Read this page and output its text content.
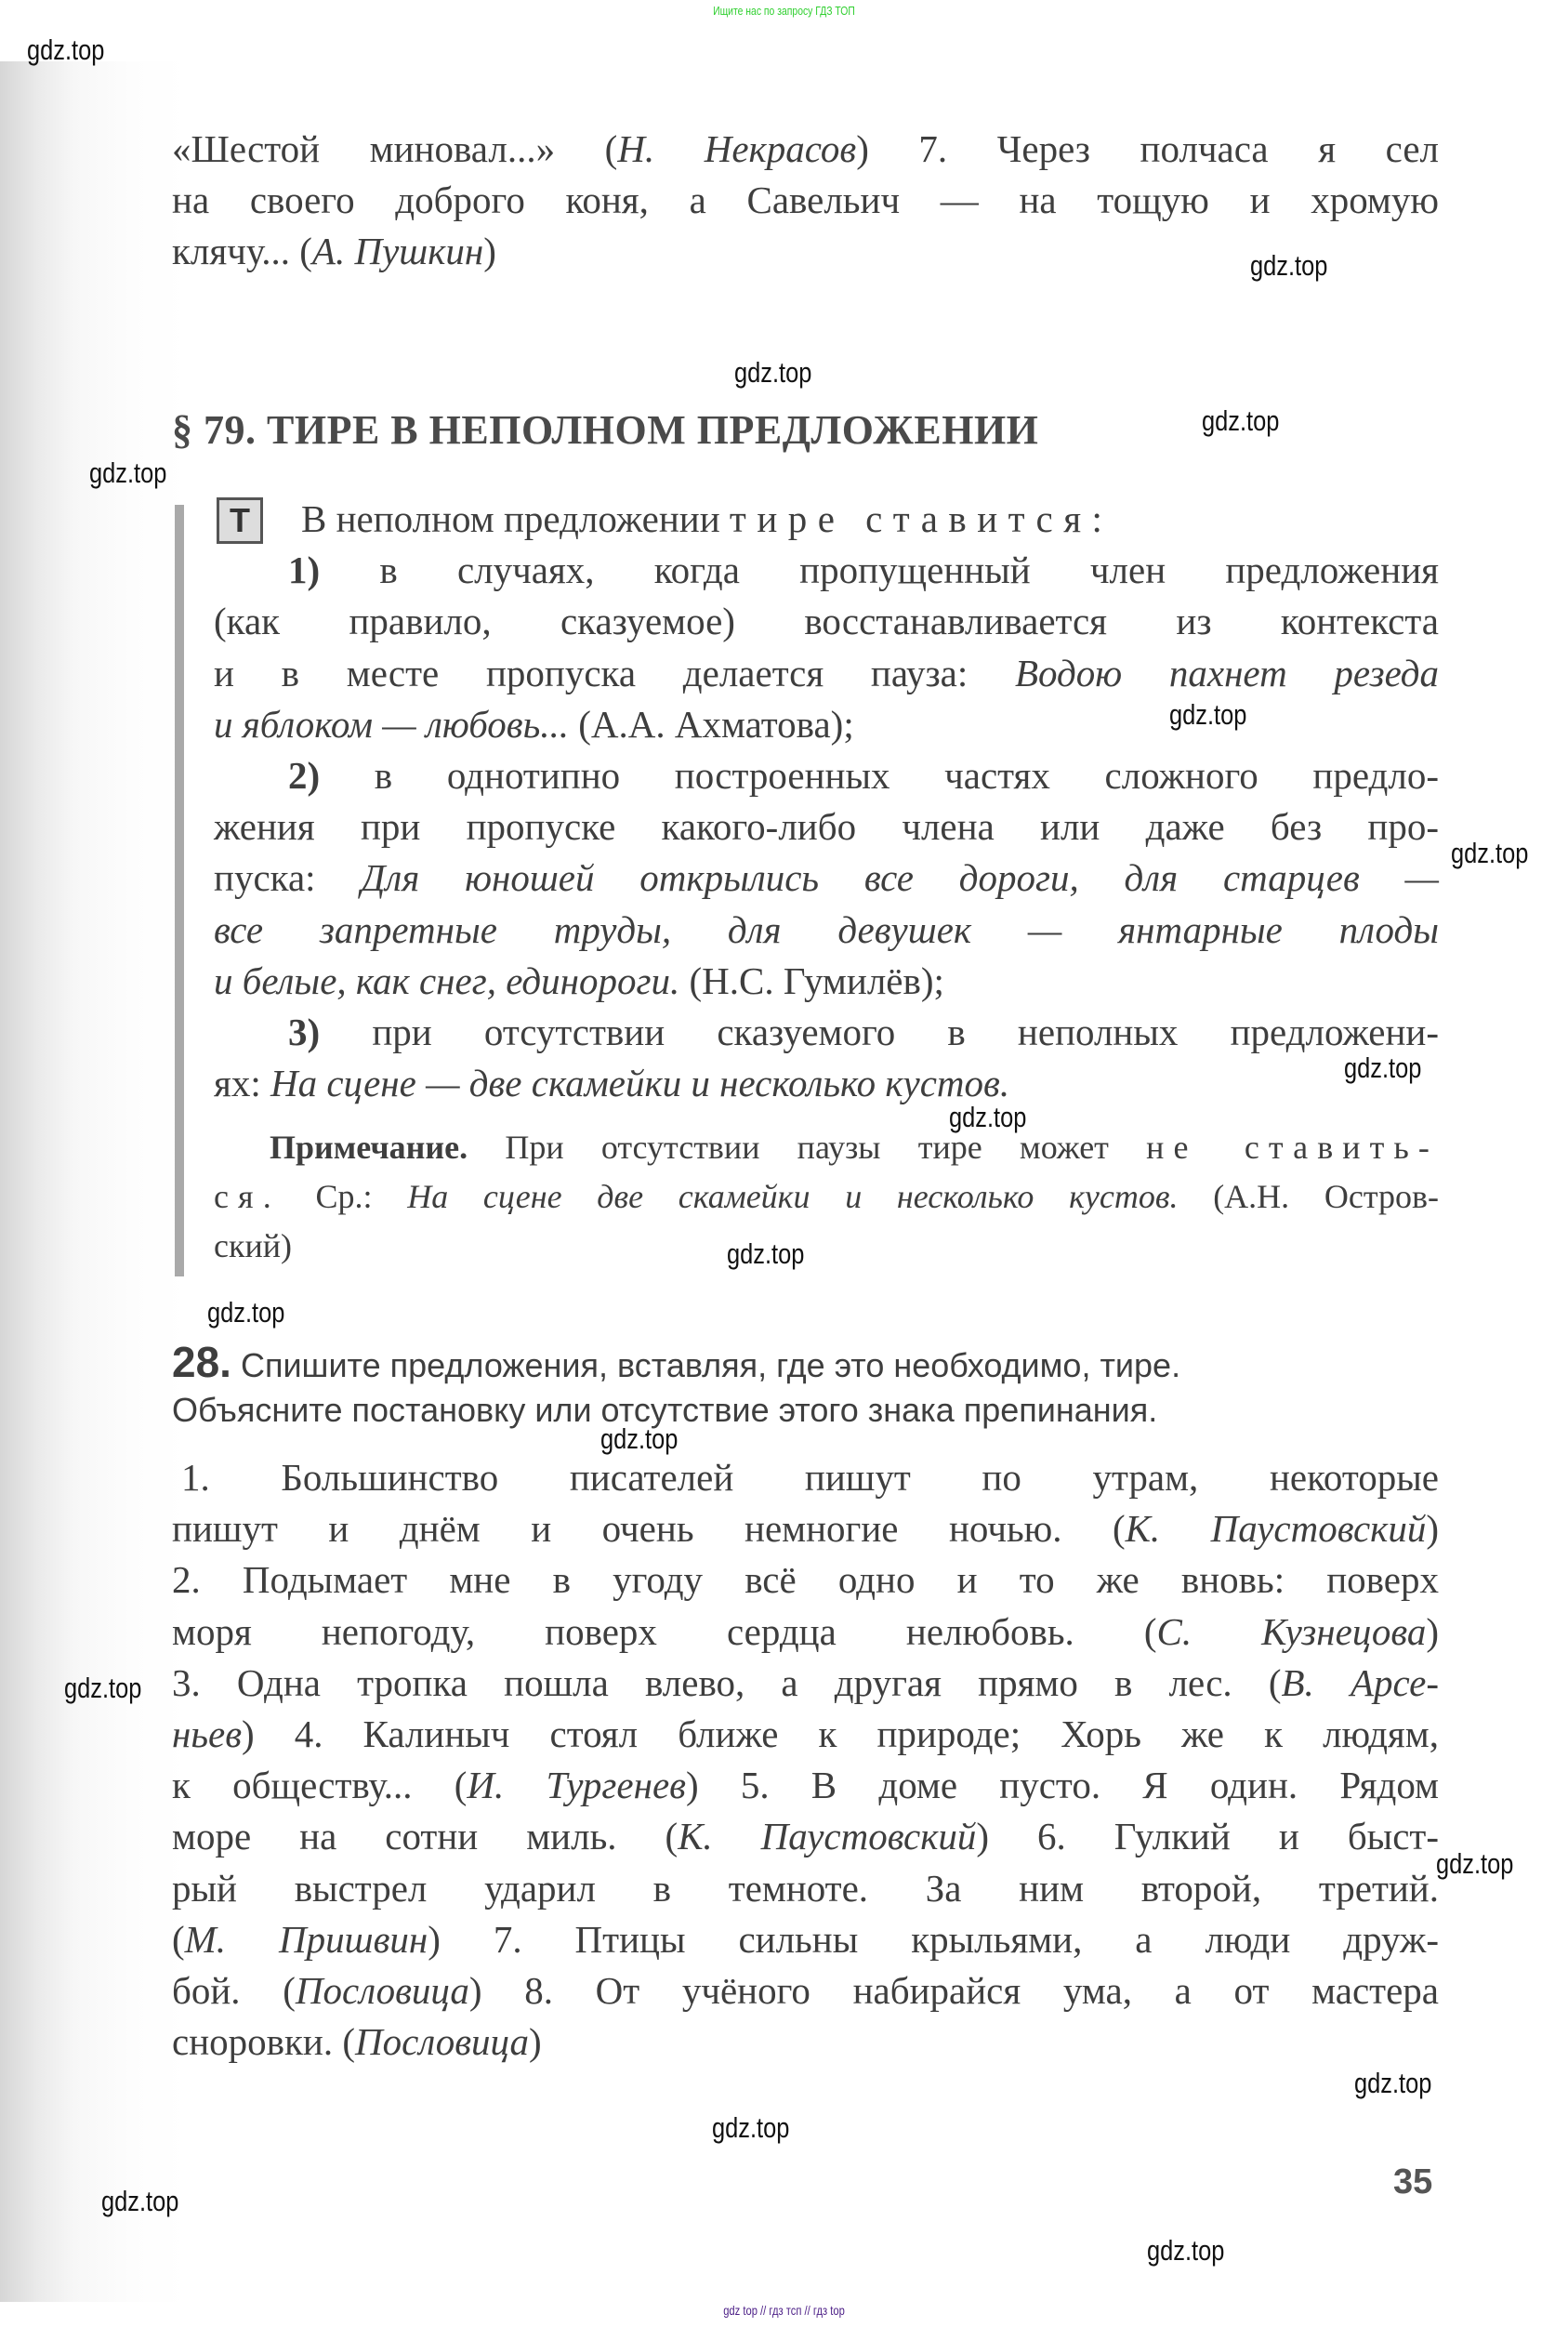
Ищите нас по запросу ГДЗ ТОП
«Шестой миновал...» (Н. Некрасов) 7. Через полчаса я сел
на своего доброго коня, а Савельич — на тощую и хромую
клячу... (А. Пушкин)
§ 79. ТИРЕ В НЕПОЛНОМ ПРЕДЛОЖЕНИИ
T	В неполном предложении тире ставится:
1) в случаях, когда пропущенный член предложения
(как правило, сказуемое) восстанавливается из контекста
и в месте пропуска делается пауза: Водою пахнет резеда
и яблоком — любовь... (А.А. Ахматова);
2) в однотипно построенных частях сложного предло-
жения при пропуске какого-либо члена или даже без про-
пуска: Для юношей открылись все дороги, для старцев —
все запретные труды, для девушек — янтарные плоды
и белые, как снег, единороги. (Н.С. Гумилёв);
3) при отсутствии сказуемого в неполных предложени-
ях: На сцене — две скамейки и несколько кустов.
Примечание. При отсутствии паузы тире может не ставить-
ся. Ср.: На сцене две скамейки и несколько кустов. (А.Н. Остров-
ский)
28. Спишите предложения, вставляя, где это необходимо, тире.
Объясните постановку или отсутствие этого знака препинания.
1. Большинство писателей пишут по утрам, некоторые
пишут и днём и очень немногие ночью. (К. Паустовский)
2. Подымает мне в угоду всё одно и то же вновь: поверх
моря непогоду, поверх сердца нелюбовь. (С. Кузнецова)
3. Одна тропка пошла влево, а другая прямо в лес. (В. Арсе-
ньев) 4. Калиныч стоял ближе к природе; Хорь же к людям,
к обществу... (И. Тургенев) 5. В доме пусто. Я один. Рядом
море на сотни миль. (К. Паустовский) 6. Гулкий и быст-
рый выстрел ударил в темноте. За ним второй, третий.
(М. Пришвин) 7. Птицы сильны крыльями, а люди друж-
бой. (Пословица) 8. От учёного набирайся ума, а от мастера
сноровки. (Пословица)
35
gdz.top
gdz.top
gdz.top
gdz.top
gdz.top
gdz.top
gdz.top
gdz.top
gdz.top
gdz.top
gdz.top
gdz.top
gdz.top
gdz.top
gdz.top
gdz.top
gdz.top
gdz.top
gdz top // гдз тсп // гдз top
